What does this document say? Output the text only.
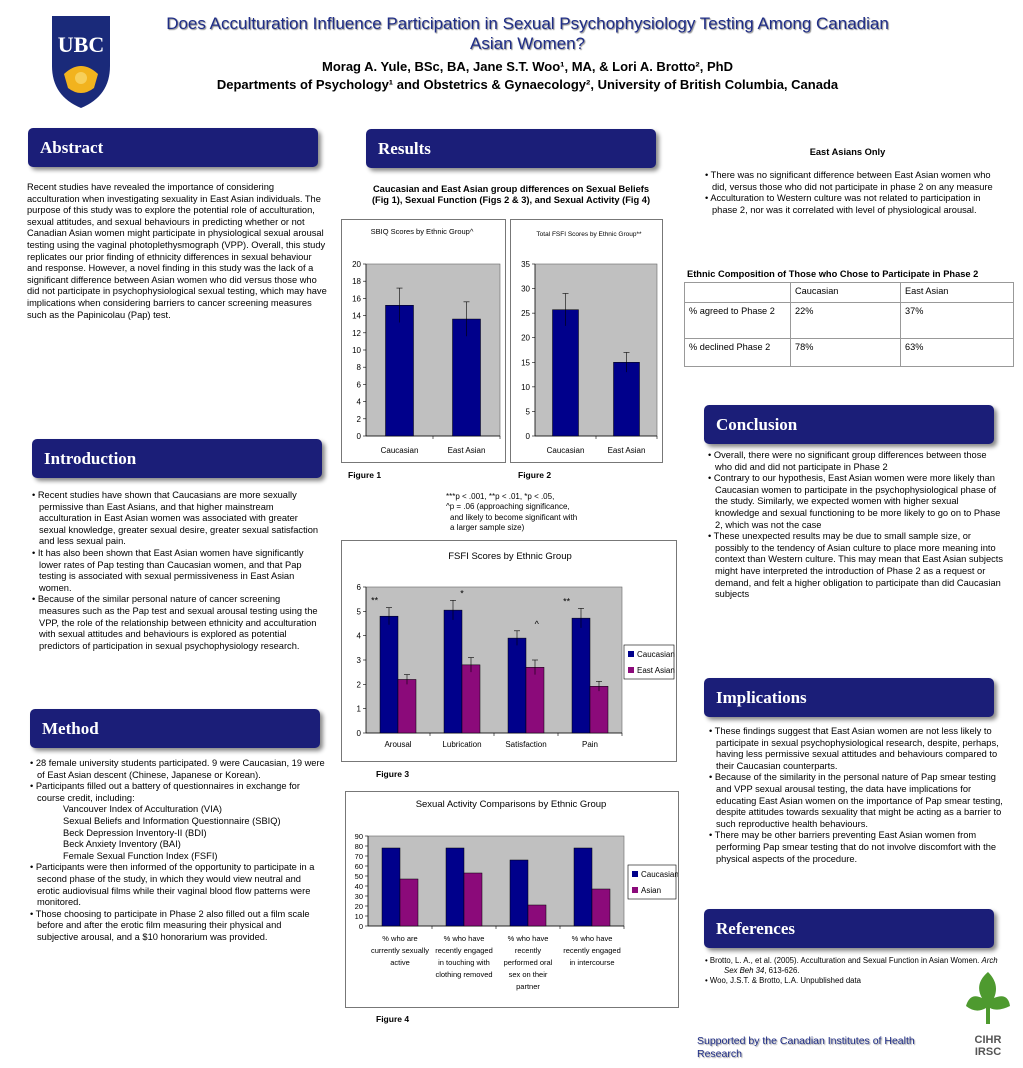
UBC
Does Acculturation Influence Participation in Sexual Psychophysiology Testing Among Canadian
Asian Women?
Morag A. Yule, BSc, BA, Jane S.T. Woo¹, MA, & Lori A. Brotto², PhD
Departments of Psychology¹ and Obstetrics & Gynaecology², University of British Columbia, Canada
Abstract
Recent studies have revealed the importance of considering acculturation when investigating sexuality in East Asian individuals. The purpose of this study was to explore the potential role of acculturation, sexual attitudes, and sexual behaviours in predicting whether or not Canadian Asian women might participate in physiological sexual arousal testing using the vaginal photoplethysmograph (VPP). Overall, this study replicates our prior finding of ethnicity differences in sexual behaviour and response. However, a novel finding in this study was the lack of a significant difference between Asian women who did versus those who did not participate in psychophysiological sexual testing, which may have implications when considering barriers to cancer screening measures such as the Papinicolau (Pap) test.
Introduction
• Recent studies have shown that Caucasians are more sexually permissive than East Asians, and that higher mainstream acculturation in East Asian women was associated with greater sexual knowledge, greater sexual desire, greater sexual satisfaction and less sexual pain.
• It has also been shown that East Asian women have significantly lower rates of Pap testing than Caucasian women, and that Pap testing is associated with sexual permissiveness in East Asian women.
• Because of the similar personal nature of cancer screening measures such as the Pap test and sexual arousal testing using the VPP, the role of the relationship between ethnicity and acculturation with sexual attitudes and behaviours is explored as potential predictors of participation in sexual psychophysiology research.
Method
• 28 female university students participated. 9 were Caucasian, 19 were of East Asian descent (Chinese, Japanese or Korean).
• Participants filled out a battery of questionnaires in exchange for course credit, including:
Vancouver Index of Acculturation (VIA)
Sexual Beliefs and Information Questionnaire (SBIQ)
Beck Depression Inventory-II (BDI)
Beck Anxiety Inventory (BAI)
Female Sexual Function Index (FSFI)
• Participants were then informed of the opportunity to participate in a second phase of the study, in which they would view neutral and erotic audiovisual films while their vaginal blood flow patterns were monitored.
• Those choosing to participate in Phase 2 also filled out a film scale before and after the erotic film measuring their physical and subjective arousal, and a $10 honorarium was provided.
Results
Caucasian and East Asian group differences on Sexual Beliefs (Fig 1), Sexual Function (Figs 2 & 3), and Sexual Activity (Fig 4)
SBIQ Scores by Ethnic Group^
0
2
4
6
8
10
12
14
16
18
20
Caucasian	East Asian
Total FSFI Scores by Ethnic Group**
0
5
10
15
20
25
30
35
Caucasian	East Asian
Figure 1	Figure 2
***p < .001, **p < .01, *p < .05,
^p = .06 (approaching significance,
and likely to become significant with
a larger sample size)
FSFI Scores by Ethnic Group
0
1
2
3
4
5
6
Arousal
**
Lubrication
*
Satisfaction
^
Pain
**
Caucasian
East Asian
Figure 3
Sexual Activity Comparisons by Ethnic Group
0
10
20
30
40
50
60
70
80
90
% who are
currently sexually
active
% who have
recently engaged
in touching with
clothing removed
% who have
recently
performed oral
sex on their
partner
% who have
recently engaged
in intercourse
Caucasian
Asian
Figure 4
East Asians Only
• There was no significant difference between East Asian women who did, versus those who did not participate in phase 2 on any measure
• Acculturation to Western culture was not related to participation in phase 2, nor was it correlated with level of physiological arousal.
Ethnic Composition of Those who Chose to Participate in Phase 2
	Caucasian	East Asian
% agreed to Phase 2	22%	37%
% declined Phase 2	78%	63%
Conclusion
• Overall, there were no significant group differences between those who did and did not participate in Phase 2
• Contrary to our hypothesis, East Asian women were more likely than Caucasian women to participate in the psychophysiological phase of the study. Similarly, we expected women with higher sexual knowledge and sexual functioning to be more likely to go on to Phase 2, which was not the case
• These unexpected results may be due to small sample size, or possibly to the tendency of Asian culture to place more meaning into context than Western culture. This may mean that East Asian subjects might have interpreted the introduction of Phase 2 as a request or demand, and felt a higher obligation to participate than did Caucasian subjects
Implications
• These findings suggest that East Asian women are not less likely to participate in sexual psychophysiological research, despite, perhaps, having less permissive sexual attitudes and behaviours compared to their Caucasian counterparts.
• Because of the similarity in the personal nature of Pap smear testing and VPP sexual arousal testing, the data have implications for educating East Asian women on the importance of Pap smear testing, despite attitudes towards sexuality that might be acting as a barrier to such reproductive health behaviours.
• There may be other barriers preventing East Asian women from performing Pap smear testing that do not involve discomfort with the physical aspects of the procedure.
References
• Brotto, L. A., et al. (2005). Acculturation and Sexual Function in Asian Women. Arch Sex Beh 34, 613-626.
• Woo, J.S.T. & Brotto, L.A. Unpublished data
Supported by the Canadian Institutes of Health Research
CIHR IRSC
